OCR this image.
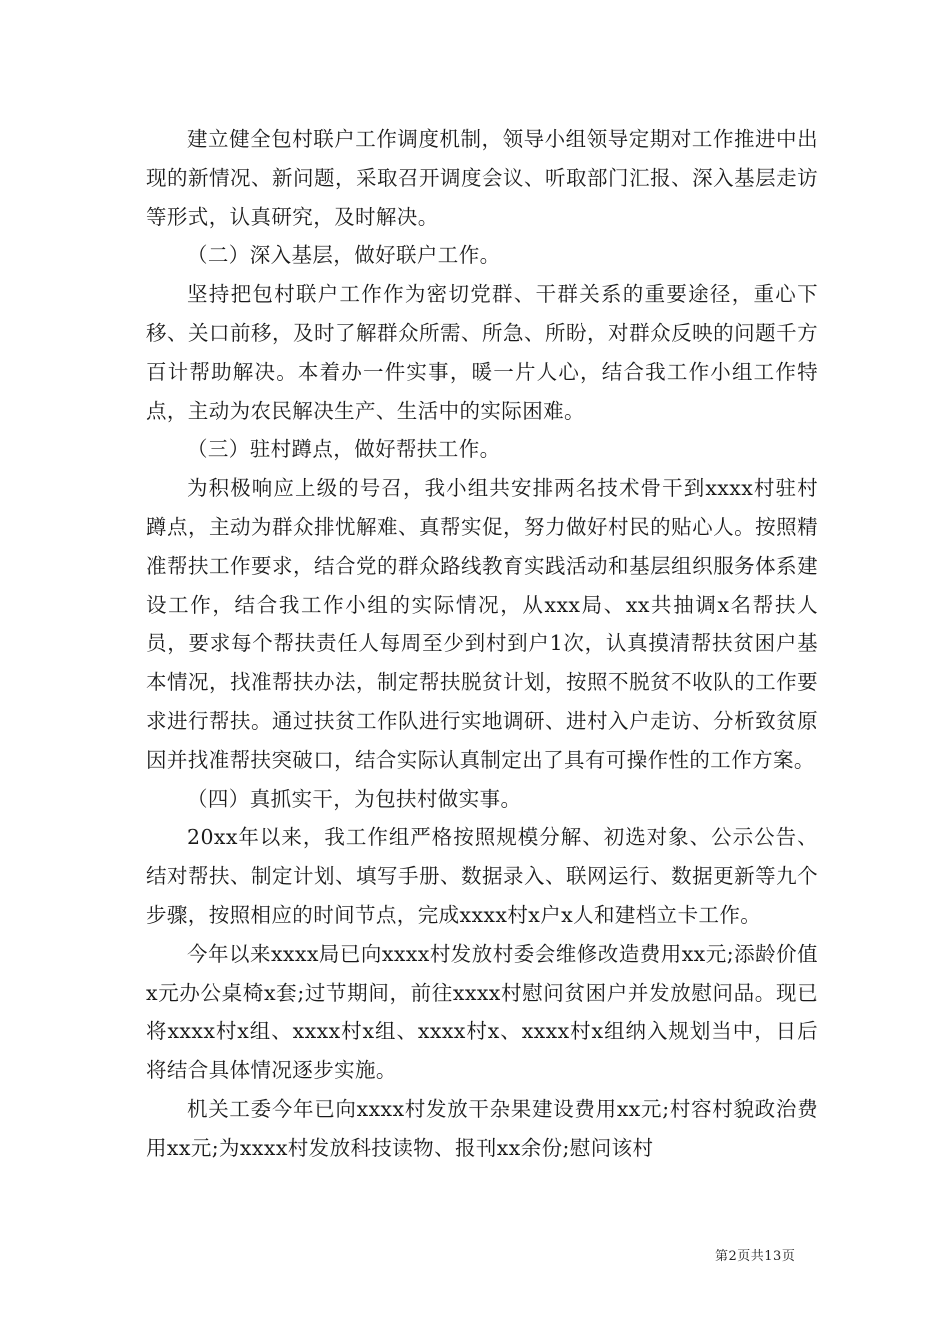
建立健全包村联户工作调度机制，领导小组领导定期对工作推进中出现的新情况、新问题，采取召开调度会议、听取部门汇报、深入基层走访等形式，认真研究，及时解决。

（二）深入基层，做好联户工作。

坚持把包村联户工作作为密切党群、干群关系的重要途径，重心下移、关口前移，及时了解群众所需、所急、所盼，对群众反映的问题千方百计帮助解决。本着办一件实事，暖一片人心，结合我工作小组工作特点，主动为农民解决生产、生活中的实际困难。

（三）驻村蹲点，做好帮扶工作。

为积极响应上级的号召，我小组共安排两名技术骨干到xxxx村驻村蹲点，主动为群众排忧解难、真帮实促，努力做好村民的贴心人。按照精准帮扶工作要求，结合党的群众路线教育实践活动和基层组织服务体系建设工作，结合我工作小组的实际情况，从xxx局、xx共抽调x名帮扶人员，要求每个帮扶责任人每周至少到村到户1次，认真摸清帮扶贫困户基本情况，找准帮扶办法，制定帮扶脱贫计划，按照不脱贫不收队的工作要求进行帮扶。通过扶贫工作队进行实地调研、进村入户走访、分析致贫原因并找准帮扶突破口，结合实际认真制定出了具有可操作性的工作方案。

（四）真抓实干，为包扶村做实事。

20xx年以来，我工作组严格按照规模分解、初选对象、公示公告、结对帮扶、制定计划、填写手册、数据录入、联网运行、数据更新等九个步骤，按照相应的时间节点，完成xxxx村x户x人和建档立卡工作。

今年以来xxxx局已向xxxx村发放村委会维修改造费用xx元;添龄价值x元办公桌椅x套;过节期间，前往xxxx村慰问贫困户并发放慰问品。现已将xxxx村x组、xxxx村x组、xxxx村x、xxxx村x组纳入规划当中，日后将结合具体情况逐步实施。

机关工委今年已向xxxx村发放干杂果建设费用xx元;村容村貌政治费用xx元;为xxxx村发放科技读物、报刊xx余份;慰问该村

第2页共13页
